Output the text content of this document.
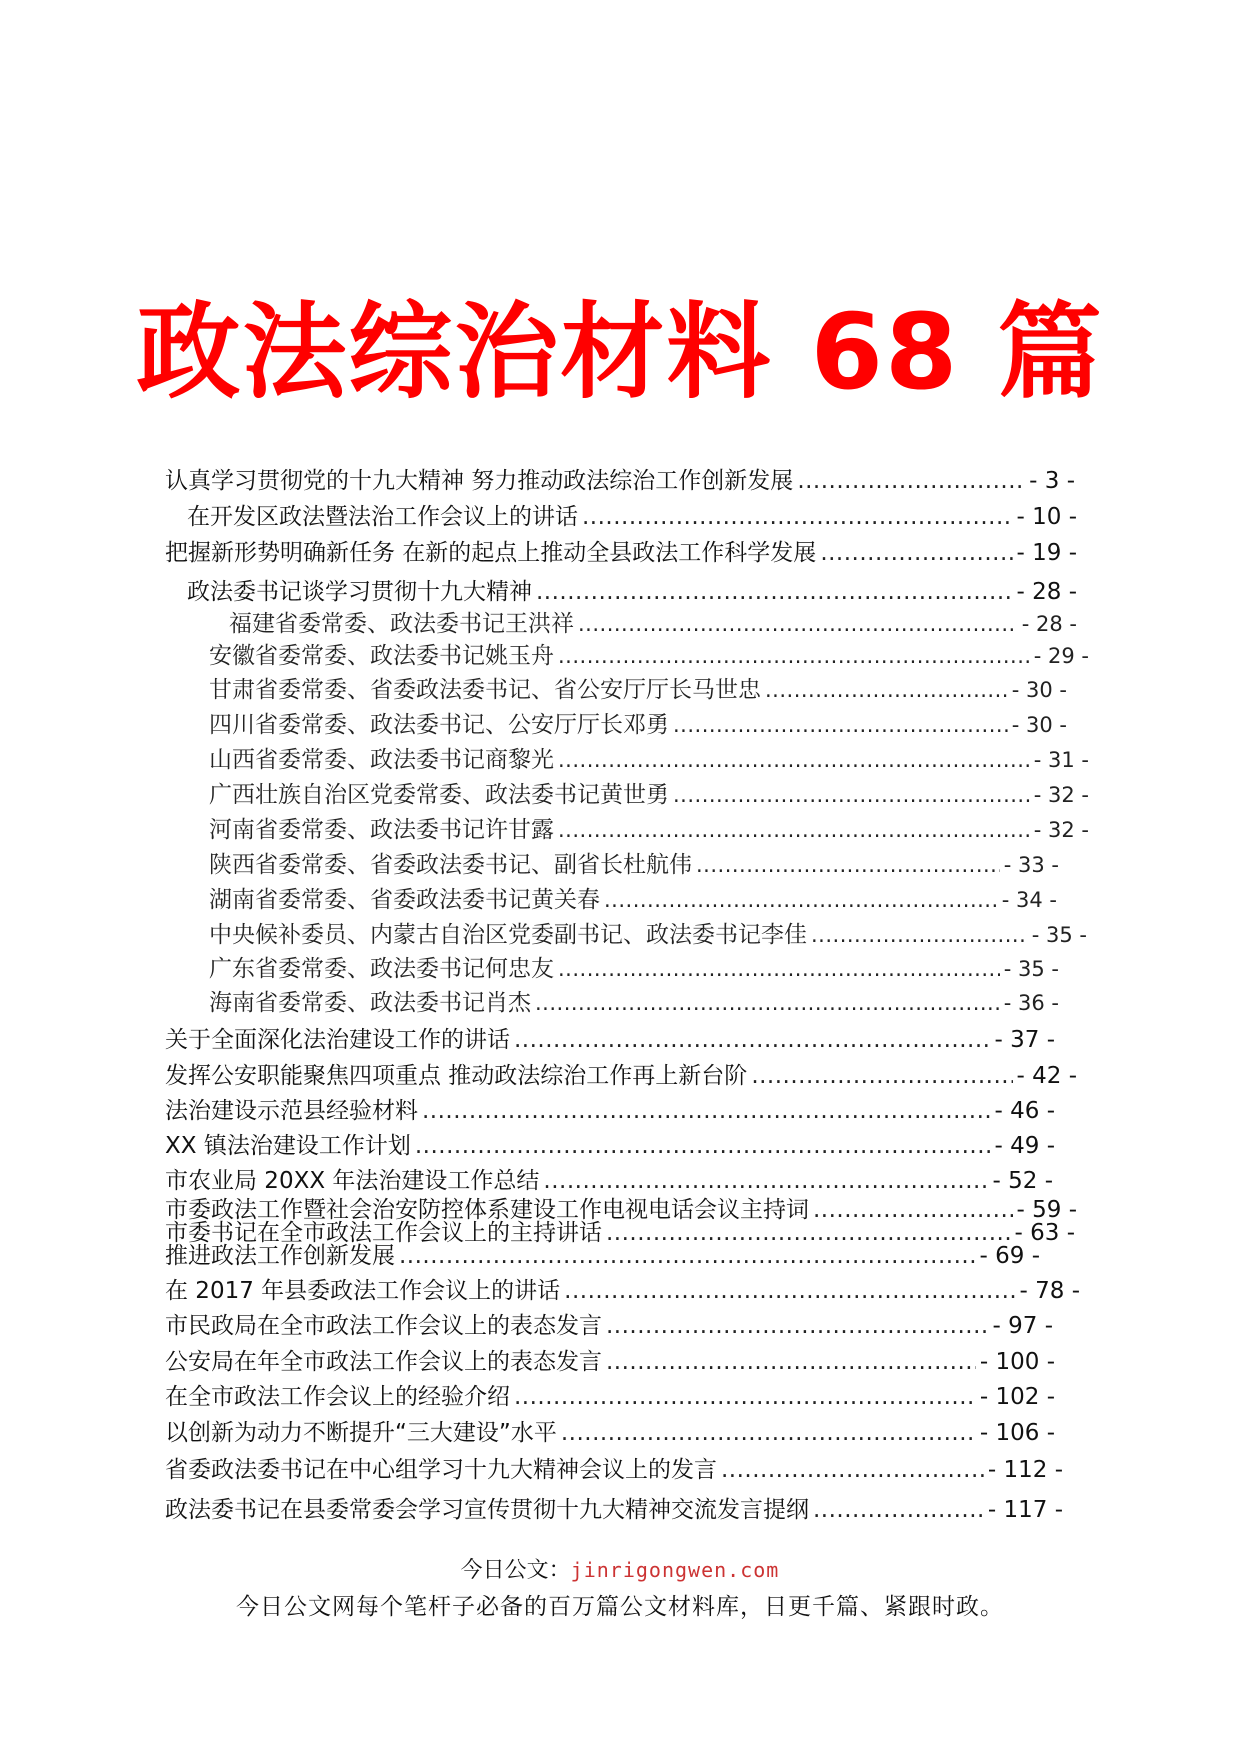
政法综治材料 68 篇
认真学习贯彻党的十九大精神 努力推动政法综治工作创新发展 .....	- 3 -
在开发区政法暨法治工作会议上的讲话 .....	- 10 -
把握新形势明确新任务 在新的起点上推动全县政法工作科学发展 .....	- 19 -
政法委书记谈学习贯彻十九大精神 .....	- 28 -
福建省委常委、政法委书记王洪祥 .....	- 28 -
安徽省委常委、政法委书记姚玉舟 .....	- 29 -
甘肃省委常委、省委政法委书记、省公安厅厅长马世忠 .....	- 30 -
四川省委常委、政法委书记、公安厅厅长邓勇 .....	- 30 -
山西省委常委、政法委书记商黎光 .....	- 31 -
广西壮族自治区党委常委、政法委书记黄世勇 .....	- 32 -
河南省委常委、政法委书记许甘露 .....	- 32 -
陕西省委常委、省委政法委书记、副省长杜航伟 .....	- 33 -
湖南省委常委、省委政法委书记黄关春 .....	- 34 -
中央候补委员、内蒙古自治区党委副书记、政法委书记李佳 .....	- 35 -
广东省委常委、政法委书记何忠友 .....	- 35 -
海南省委常委、政法委书记肖杰 .....	- 36 -
关于全面深化法治建设工作的讲话 .....	- 37 -
发挥公安职能聚焦四项重点 推动政法综治工作再上新台阶 .....	- 42 -
法治建设示范县经验材料 .....	- 46 -
XX 镇法治建设工作计划 .....	- 49 -
市农业局 20XX 年法治建设工作总结 .....	- 52 -
市委政法工作暨社会治安防控体系建设工作电视电话会议主持词 .....	- 59 -
市委书记在全市政法工作会议上的主持讲话 .....	- 63 -
推进政法工作创新发展 .....	- 69 -
在 2017 年县委政法工作会议上的讲话 .....	- 78 -
市民政局在全市政法工作会议上的表态发言 .....	- 97 -
公安局在年全市政法工作会议上的表态发言 .....	- 100 -
在全市政法工作会议上的经验介绍 .....	- 102 -
以创新为动力不断提升“三大建设”水平 .....	- 106 -
省委政法委书记在中心组学习十九大精神会议上的发言 .....	- 112 -
政法委书记在县委常委会学习宣传贯彻十九大精神交流发言提纲 .....	- 117 -
今日公文：jinrigongwen.com
今日公文网每个笔杆子必备的百万篇公文材料库，日更千篇、紧跟时政。
